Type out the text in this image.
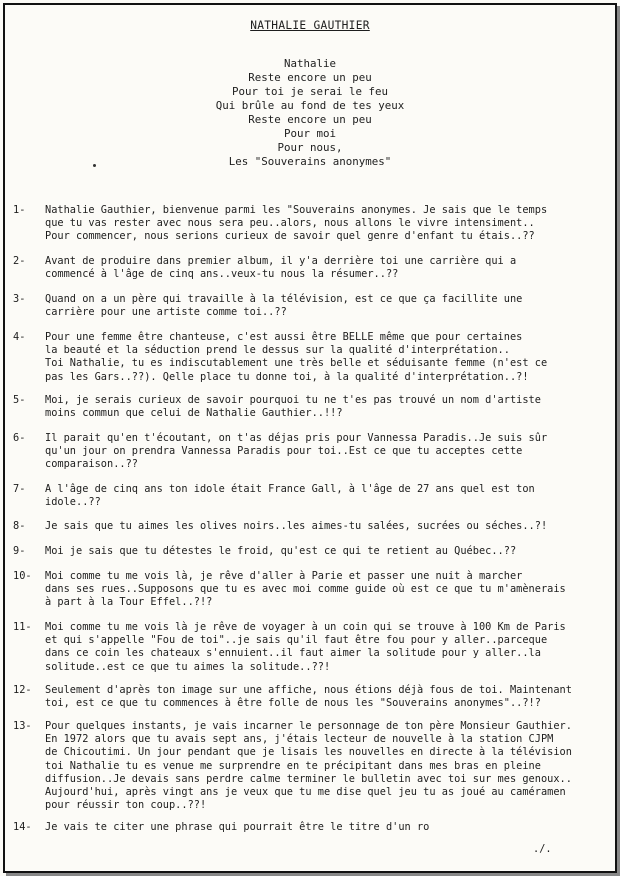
NATHALIE GAUTHIER
Nathalie
Reste encore un peu
Pour toi je serai le feu
Qui brûle au fond de tes yeux
Reste encore un peu
Pour moi
Pour nous,
Les "Souverains anonymes"
1- Nathalie Gauthier, bienvenue parmi les "Souverains anonymes. Je sais que le temps
que tu vas rester avec nous sera peu..alors, nous allons le vivre intensiment..
Pour commencer, nous serions curieux de savoir quel genre d'enfant tu étais..??
2- Avant de produire dans premier album, il y'a derrière toi une carrière qui a
commencé à l'âge de cinq ans..veux-tu nous la résumer..??
3- Quand on a un père qui travaille à la télévision, est ce que ça facillite une
carrière pour une artiste comme toi..??
4- Pour une femme être chanteuse, c'est aussi être BELLE même que pour certaines
la beauté et la séduction prend le dessus sur la qualité d'interprétation..
Toi Nathalie, tu es indiscutablement une très belle et séduisante femme (n'est ce
pas les Gars..??). Qelle place tu donne toi, à la qualité d'interprétation..?!
5- Moi, je serais curieux de savoir pourquoi tu ne t'es pas trouvé un nom d'artiste
moins commun que celui de Nathalie Gauthier..!!?
6- Il parait qu'en t'écoutant, on t'as déjas pris pour Vannessa Paradis..Je suis sûr
qu'un jour on prendra Vannessa Paradis pour toi..Est ce que tu acceptes cette
comparaison..??
7- A l'âge de cinq ans ton idole était France Gall, à l'âge de 27 ans quel est ton
idole..??
8- Je sais que tu aimes les olives noirs..les aimes-tu salées, sucrées ou séches..?!
9- Moi je sais que tu détestes le froid, qu'est ce qui te retient au Québec..??
10- Moi comme tu me vois là, je rêve d'aller à Parie et passer une nuit à marcher
dans ses rues..Supposons que tu es avec moi comme guide où est ce que tu m'amènerais
à part à la Tour Effel..?!?
11- Moi comme tu me vois là je rêve de voyager à un coin qui se trouve à 100 Km de Paris
et qui s'appelle "Fou de toi"..je sais qu'il faut être fou pour y aller..parceque
dans ce coin les chateaux s'ennuient..il faut aimer la solitude pour y aller..la
solitude..est ce que tu aimes la solitude..??!
12- Seulement d'après ton image sur une affiche, nous étions déjà fous de toi. Maintenant
toi, est ce que tu commences à être folle de nous les "Souverains anonymes"..?!?
13- Pour quelques instants, je vais incarner le personnage de ton père Monsieur Gauthier.
En 1972 alors que tu avais sept ans, j'étais lecteur de nouvelle à la station CJPM
de Chicoutimi. Un jour pendant que je lisais les nouvelles en directe à la télévision
toi Nathalie tu es venue me surprendre en te précipitant dans mes bras en pleine
diffusion..Je devais sans perdre calme terminer le bulletin avec toi sur mes genoux..
Aujourd'hui, après vingt ans je veux que tu me dise quel jeu tu as joué au caméramen
pour réussir ton coup..??!
14- Je vais te citer une phrase qui pourrait être le titre d'un ro
./.
